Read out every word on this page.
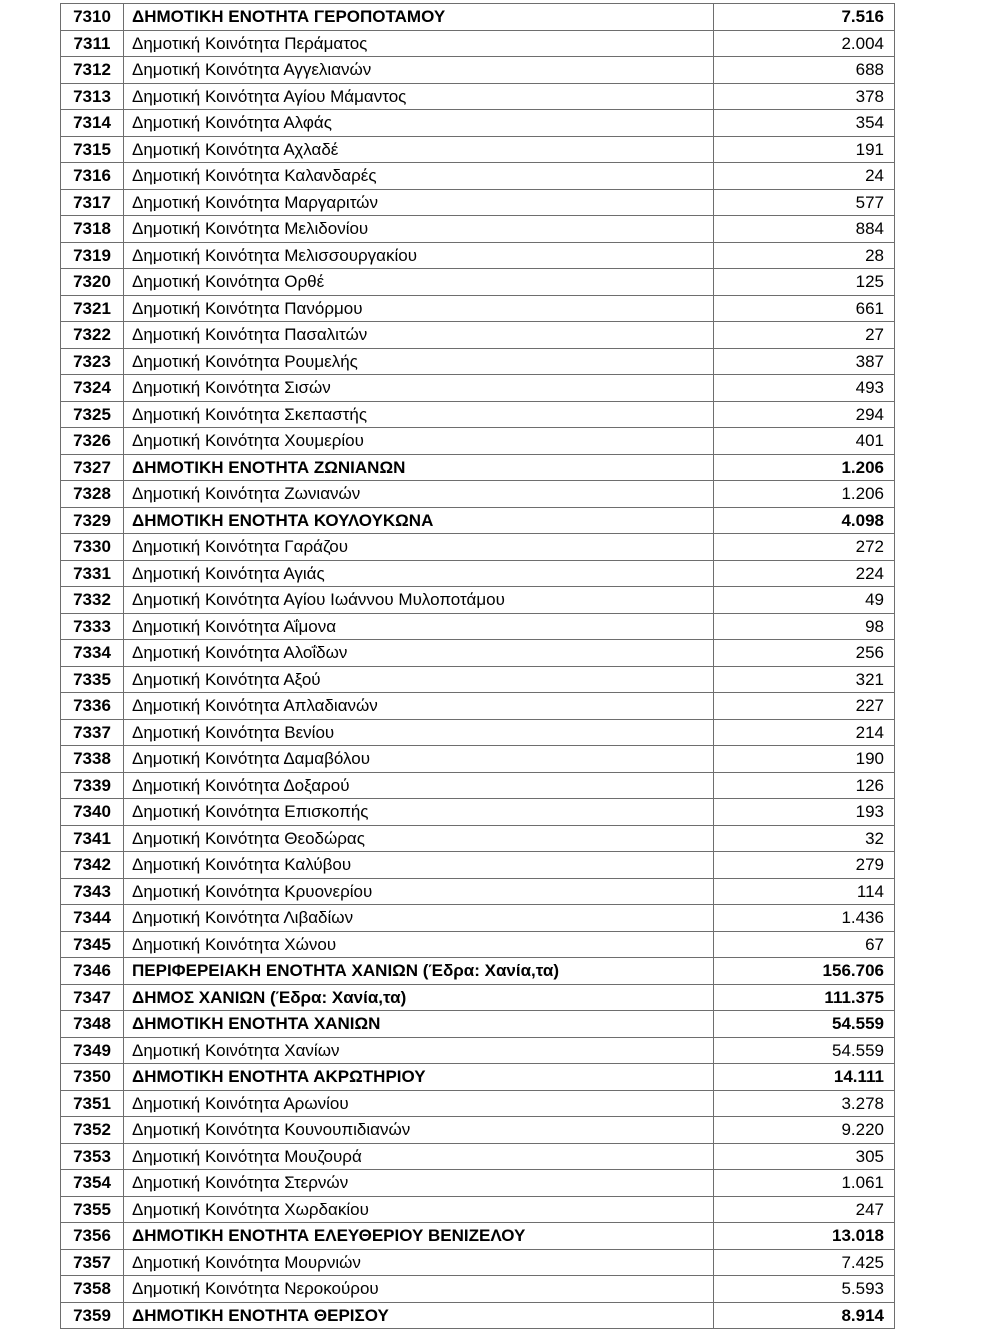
7310	ΔΗΜΟΤΙΚΗ ΕΝΟΤΗΤΑ ΓΕΡΟΠΟΤΑΜΟΥ	7.516
7311	Δημοτική Κοινότητα Περάματος	2.004
7312	Δημοτική Κοινότητα Αγγελιανών	688
7313	Δημοτική Κοινότητα Αγίου Μάμαντος	378
7314	Δημοτική Κοινότητα Αλφάς	354
7315	Δημοτική Κοινότητα Αχλαδέ	191
7316	Δημοτική Κοινότητα Καλανδαρές	24
7317	Δημοτική Κοινότητα Μαργαριτών	577
7318	Δημοτική Κοινότητα Μελιδονίου	884
7319	Δημοτική Κοινότητα Μελισσουργακίου	28
7320	Δημοτική Κοινότητα Ορθέ	125
7321	Δημοτική Κοινότητα Πανόρμου	661
7322	Δημοτική Κοινότητα Πασαλιτών	27
7323	Δημοτική Κοινότητα Ρουμελής	387
7324	Δημοτική Κοινότητα Σισών	493
7325	Δημοτική Κοινότητα Σκεπαστής	294
7326	Δημοτική Κοινότητα Χουμερίου	401
7327	ΔΗΜΟΤΙΚΗ ΕΝΟΤΗΤΑ ΖΩΝΙΑΝΩΝ	1.206
7328	Δημοτική Κοινότητα Ζωνιανών	1.206
7329	ΔΗΜΟΤΙΚΗ ΕΝΟΤΗΤΑ ΚΟΥΛΟΥΚΩΝΑ	4.098
7330	Δημοτική Κοινότητα Γαράζου	272
7331	Δημοτική Κοινότητα Αγιάς	224
7332	Δημοτική Κοινότητα Αγίου Ιωάννου Μυλοποτάμου	49
7333	Δημοτική Κοινότητα Αΐμονα	98
7334	Δημοτική Κοινότητα Αλοΐδων	256
7335	Δημοτική Κοινότητα Αξού	321
7336	Δημοτική Κοινότητα Απλαδιανών	227
7337	Δημοτική Κοινότητα Βενίου	214
7338	Δημοτική Κοινότητα Δαμαβόλου	190
7339	Δημοτική Κοινότητα Δοξαρού	126
7340	Δημοτική Κοινότητα Επισκοπής	193
7341	Δημοτική Κοινότητα Θεοδώρας	32
7342	Δημοτική Κοινότητα Καλύβου	279
7343	Δημοτική Κοινότητα Κρυονερίου	114
7344	Δημοτική Κοινότητα Λιβαδίων	1.436
7345	Δημοτική Κοινότητα Χώνου	67
7346	ΠΕΡΙΦΕΡΕΙΑΚΗ ΕΝΟΤΗΤΑ ΧΑΝΙΩΝ (Έδρα: Χανία,τα)	156.706
7347	ΔΗΜΟΣ ΧΑΝΙΩΝ (Έδρα: Χανία,τα)	111.375
7348	ΔΗΜΟΤΙΚΗ ΕΝΟΤΗΤΑ ΧΑΝΙΩΝ	54.559
7349	Δημοτική Κοινότητα Χανίων	54.559
7350	ΔΗΜΟΤΙΚΗ ΕΝΟΤΗΤΑ ΑΚΡΩΤΗΡΙΟΥ	14.111
7351	Δημοτική Κοινότητα Αρωνίου	3.278
7352	Δημοτική Κοινότητα Κουνουπιδιανών	9.220
7353	Δημοτική Κοινότητα Μουζουρά	305
7354	Δημοτική Κοινότητα Στερνών	1.061
7355	Δημοτική Κοινότητα Χωρδακίου	247
7356	ΔΗΜΟΤΙΚΗ ΕΝΟΤΗΤΑ ΕΛΕΥΘΕΡΙΟΥ ΒΕΝΙΖΕΛΟΥ	13.018
7357	Δημοτική Κοινότητα Μουρνιών	7.425
7358	Δημοτική Κοινότητα Νεροκούρου	5.593
7359	ΔΗΜΟΤΙΚΗ ΕΝΟΤΗΤΑ ΘΕΡΙΣΟΥ	8.914
